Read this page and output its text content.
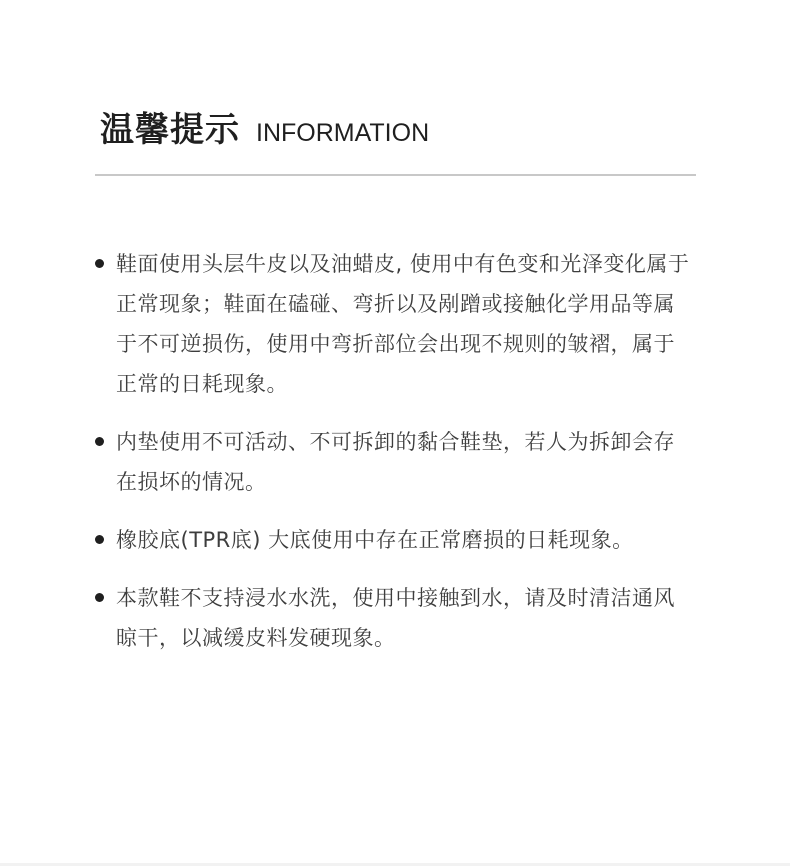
温馨提示 INFORMATION
鞋面使用头层牛皮以及油蜡皮, 使用中有色变和光泽变化属于正常现象；鞋面在磕碰、弯折以及剐蹭或接触化学用品等属于不可逆损伤，使用中弯折部位会出现不规则的皱褶，属于正常的日耗现象。
内垫使用不可活动、不可拆卸的黏合鞋垫，若人为拆卸会存在损坏的情况。
橡胶底(TPR底) 大底使用中存在正常磨损的日耗现象。
本款鞋不支持浸水水洗，使用中接触到水，请及时清洁通风晾干，以减缓皮料发硬现象。
